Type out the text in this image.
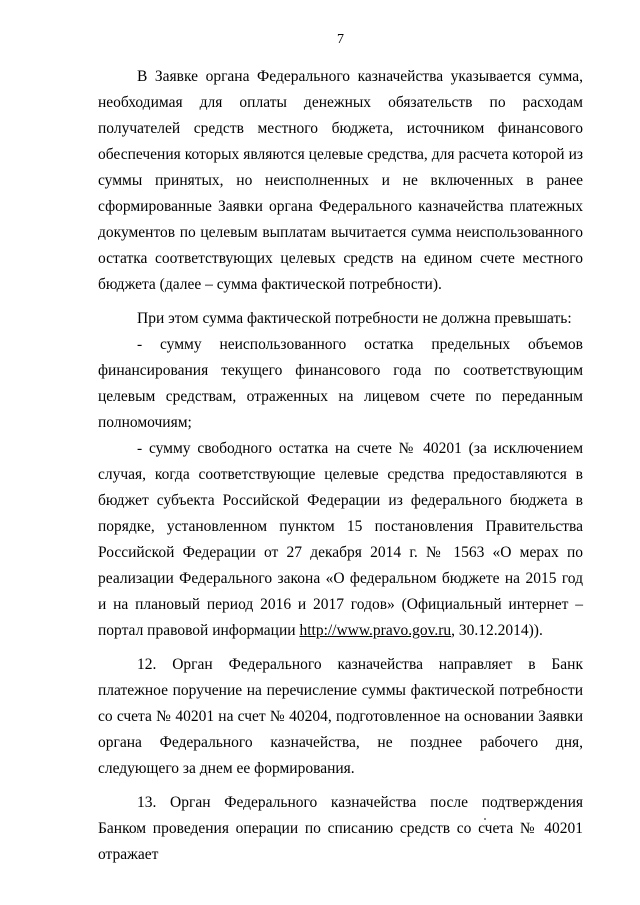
7

В Заявке органа Федерального казначейства указывается сумма, необходимая для оплаты денежных обязательств по расходам получателей средств местного бюджета, источником финансового обеспечения которых являются целевые средства, для расчета которой из суммы принятых, но неисполненных и не включенных в ранее сформированные Заявки органа Федерального казначейства платежных документов по целевым выплатам вычитается сумма неиспользованного остатка соответствующих целевых средств на едином счете местного бюджета (далее – сумма фактической потребности).

При этом сумма фактической потребности не должна превышать:

- сумму неиспользованного остатка предельных объемов финансирования текущего финансового года по соответствующим целевым средствам, отраженных на лицевом счете по переданным полномочиям;

- сумму свободного остатка на счете № 40201 (за исключением случая, когда соответствующие целевые средства предоставляются в бюджет субъекта Российской Федерации из федерального бюджета в порядке, установленном пунктом 15 постановления Правительства Российской Федерации от 27 декабря 2014 г. № 1563 «О мерах по реализации Федерального закона «О федеральном бюджете на 2015 год и на плановый период 2016 и 2017 годов» (Официальный интернет – портал правовой информации http://www.pravo.gov.ru, 30.12.2014)).

12. Орган Федерального казначейства направляет в Банк платежное поручение на перечисление суммы фактической потребности со счета № 40201 на счет № 40204, подготовленное на основании Заявки органа Федерального казначейства, не позднее рабочего дня, следующего за днем ее формирования.

13. Орган Федерального казначейства после подтверждения Банком проведения операции по списанию средств со счета № 40201 отражает
